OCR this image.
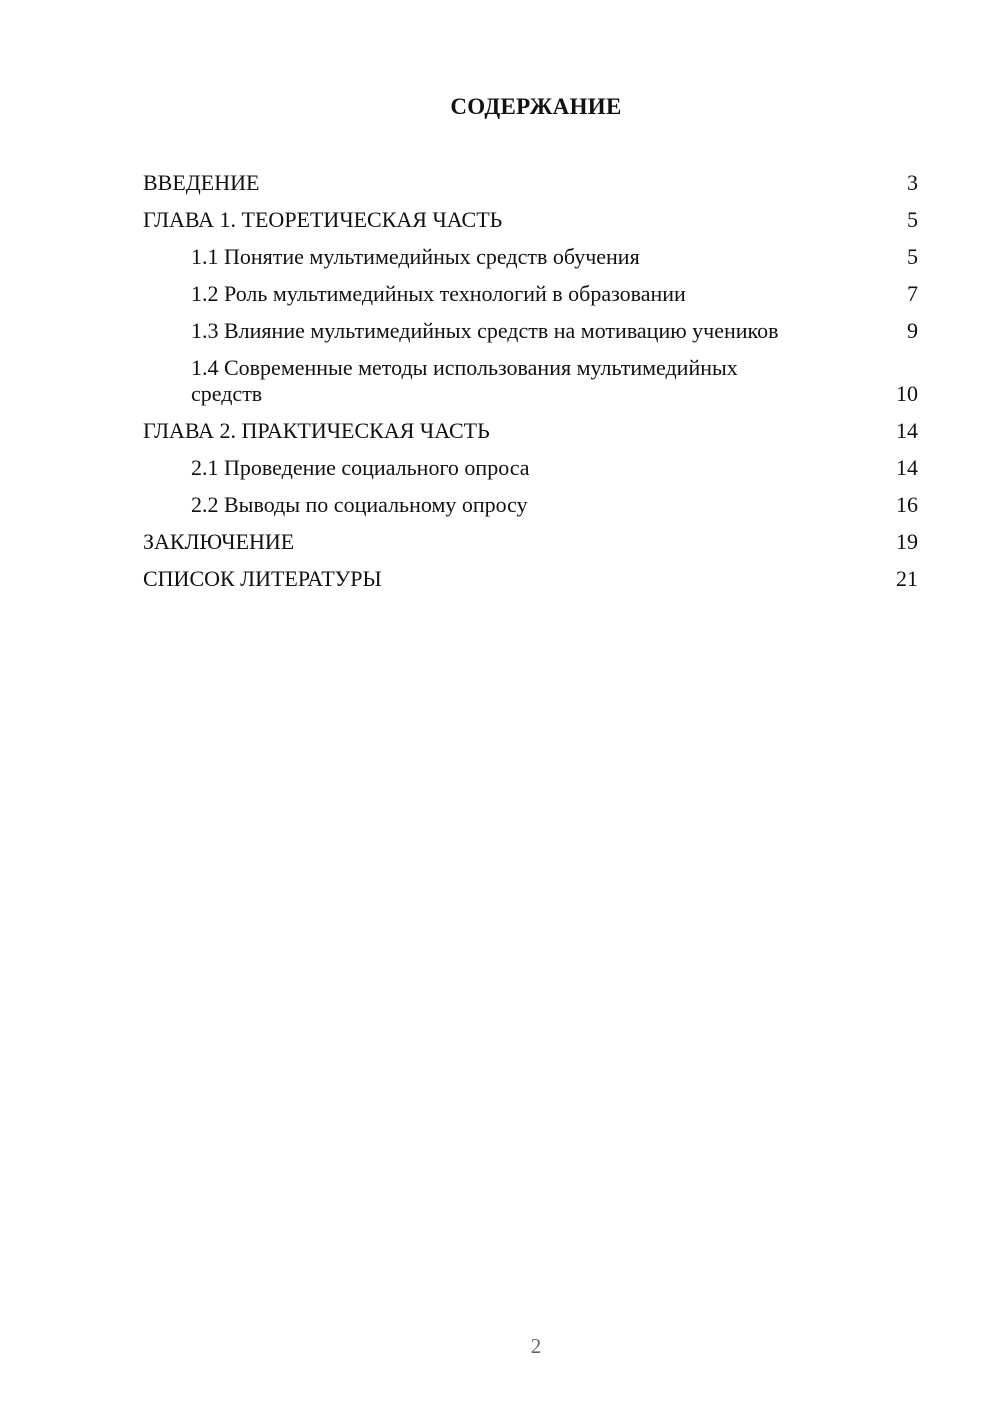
СОДЕРЖАНИЕ
ВВЕДЕНИЕ	3
ГЛАВА 1. ТЕОРЕТИЧЕСКАЯ ЧАСТЬ	5
1.1 Понятие мультимедийных средств обучения	5
1.2 Роль мультимедийных технологий в образовании	7
1.3 Влияние мультимедийных средств на мотивацию учеников	9
1.4 Современные методы использования мультимедийных средств	10
ГЛАВА 2. ПРАКТИЧЕСКАЯ ЧАСТЬ	14
2.1 Проведение социального опроса	14
2.2 Выводы по социальному опросу	16
ЗАКЛЮЧЕНИЕ	19
СПИСОК ЛИТЕРАТУРЫ	21
2
